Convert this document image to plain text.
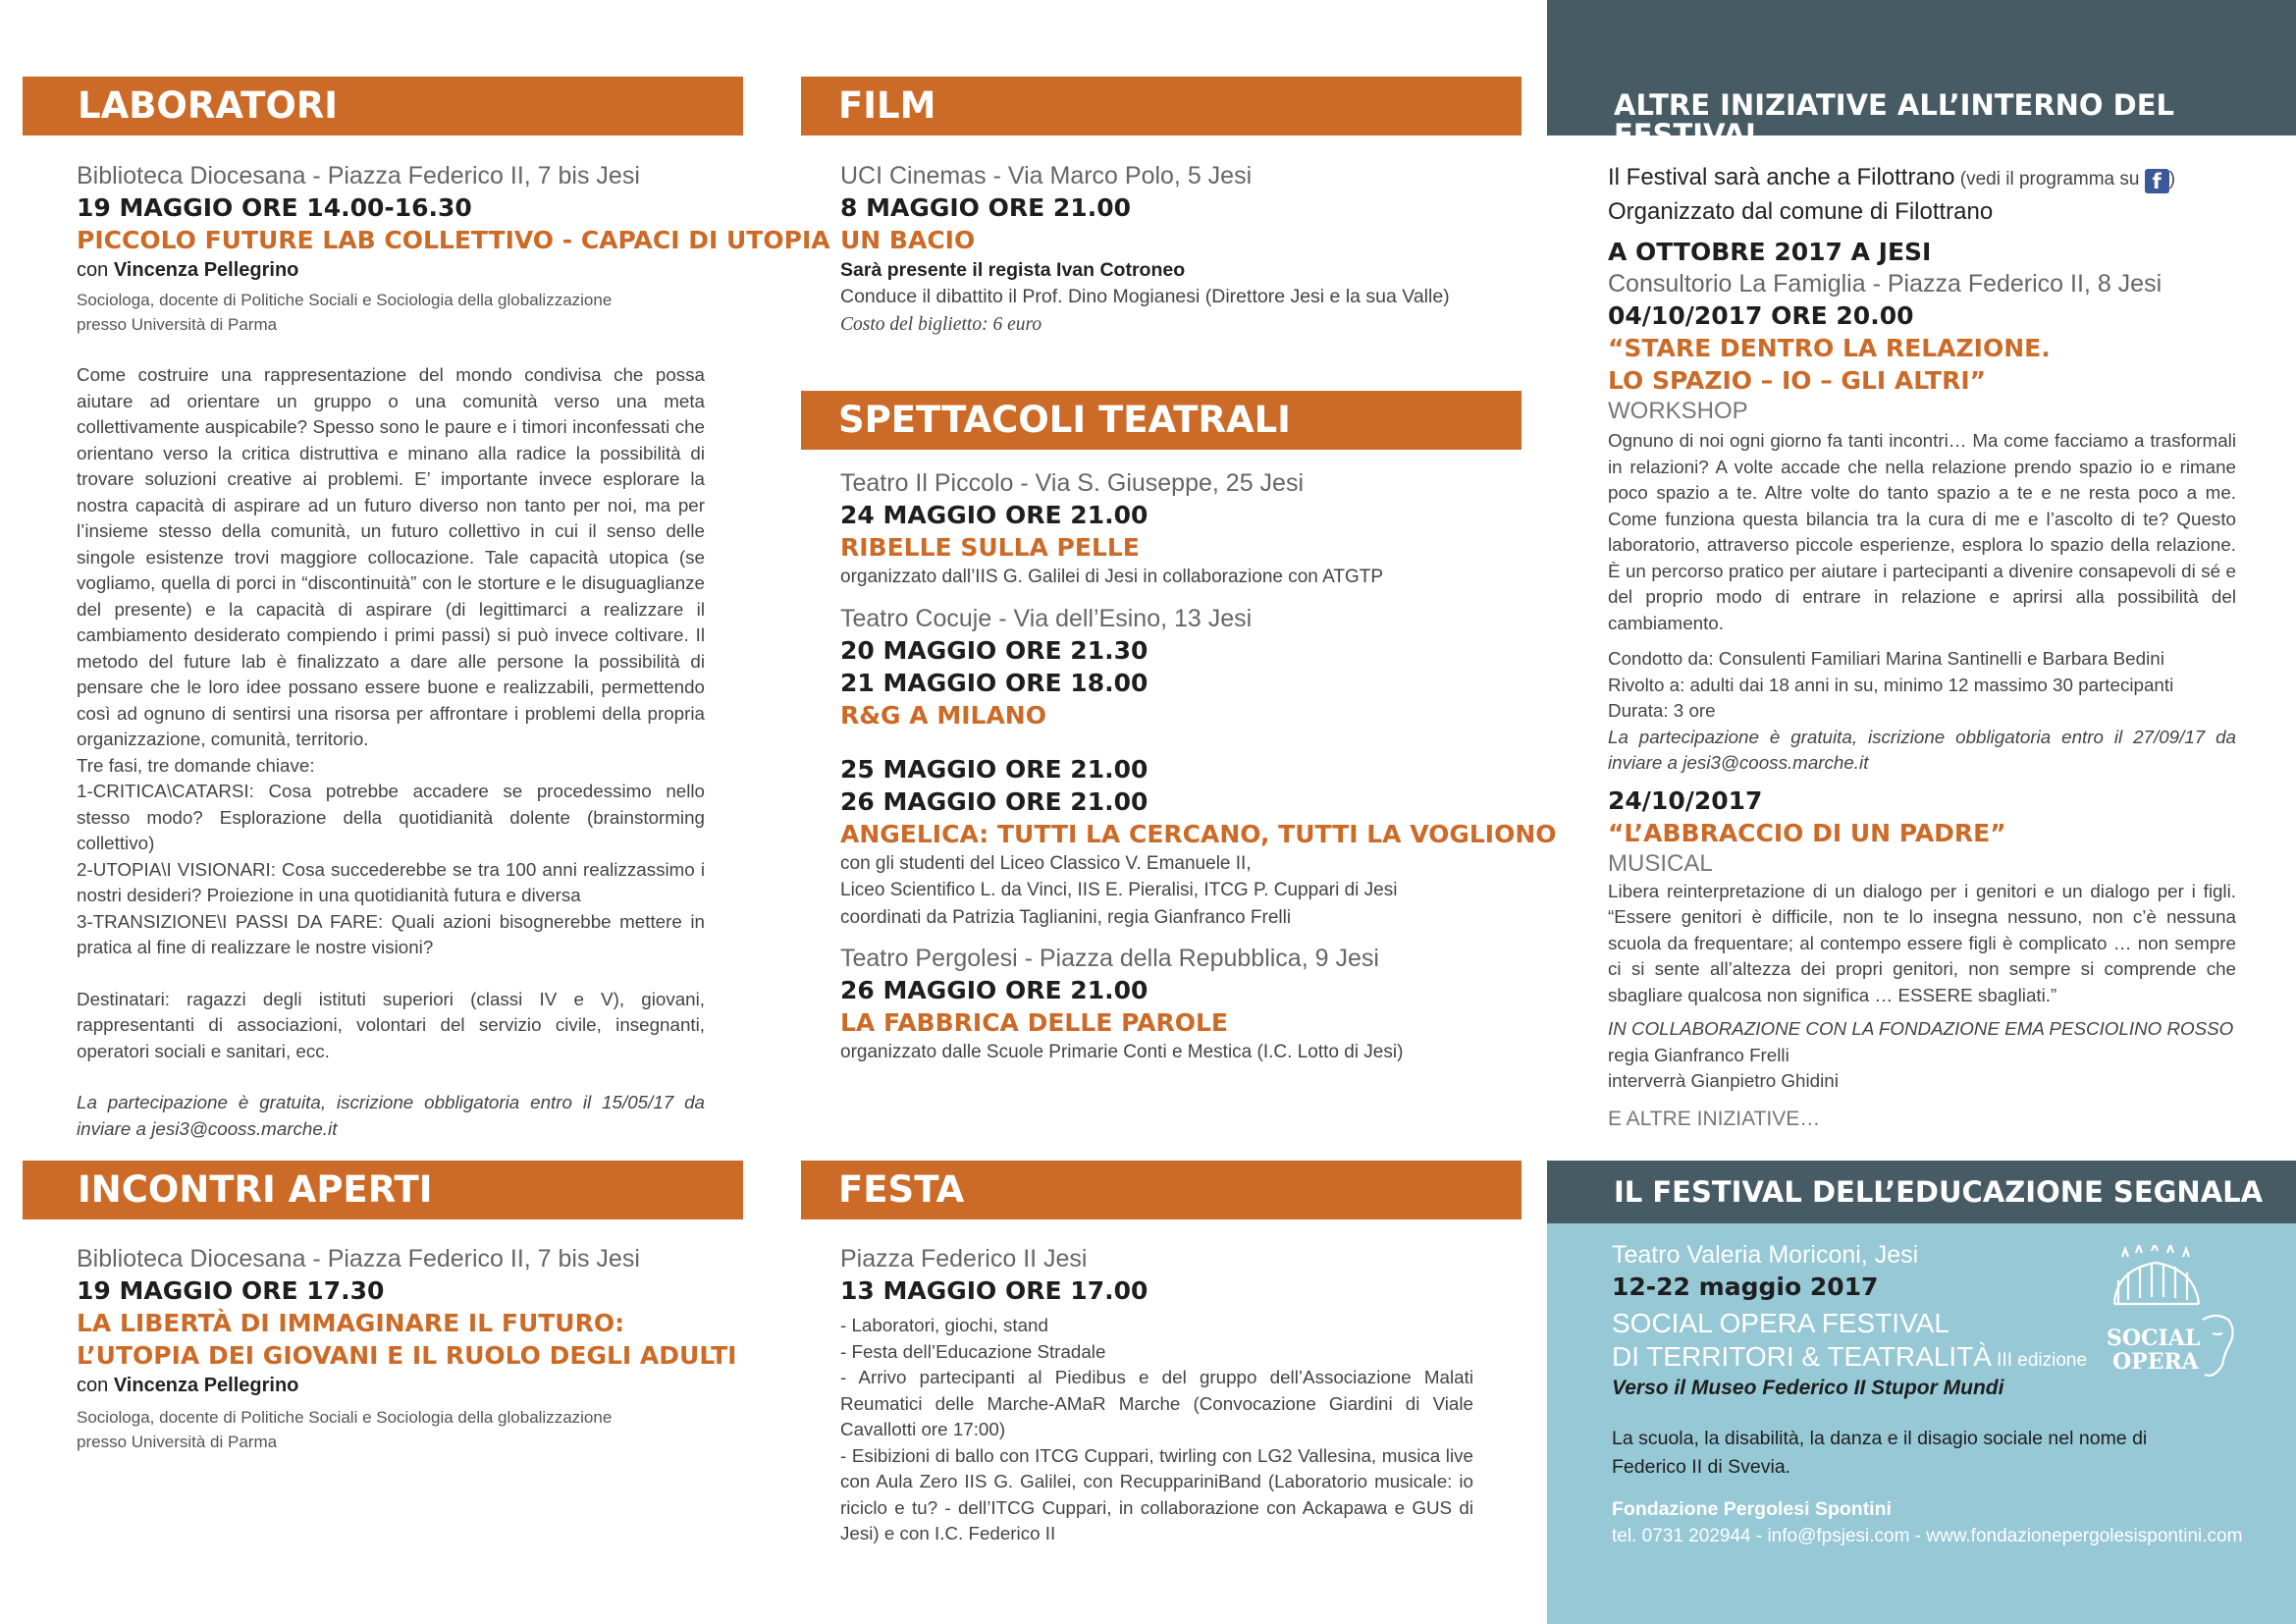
LABORATORI
Biblioteca Diocesana - Piazza Federico II, 7 bis Jesi
19 MAGGIO ORE 14.00-16.30
PICCOLO FUTURE LAB COLLETTIVO - CAPACI DI UTOPIA
con Vincenza Pellegrino
Sociologa, docente di Politiche Sociali e Sociologia della globalizzazione
presso Università di Parma

Come costruire una rappresentazione del mondo condivisa che possa aiutare ad orientare un gruppo o una comunità verso una meta collettivamente auspicabile? Spesso sono le paure e i timori inconfessati che orientano verso la critica distruttiva e minano alla radice la possibilità di trovare soluzioni creative ai problemi. E’ importante invece esplorare la nostra capacità di aspirare ad un futuro diverso non tanto per noi, ma per l’insieme stesso della comunità, un futuro collettivo in cui il senso delle singole esistenze trovi maggiore collocazione. Tale capacità utopica (se vogliamo, quella di porci in “discontinuità” con le storture e le disuguaglianze del presente) e la capacità di aspirare (di legittimarci a realizzare il cambiamento desiderato compiendo i primi passi) si può invece coltivare. Il metodo del future lab è finalizzato a dare alle persone la possibilità di pensare che le loro idee possano essere buone e realizzabili, permettendo così ad ognuno di sentirsi una risorsa per affrontare i problemi della propria organizzazione, comunità, territorio.

Tre fasi, tre domande chiave:

1-CRITICA\CATARSI: Cosa potrebbe accadere se procedessimo nello stesso modo? Esplorazione della quotidianità dolente (brainstorming collettivo)

2-UTOPIA\I VISIONARI: Cosa succederebbe se tra 100 anni realizzassimo i nostri desideri? Proiezione in una quotidianità futura e diversa

3-TRANSIZIONE\I PASSI DA FARE: Quali azioni bisognerebbe mettere in pratica al fine di realizzare le nostre visioni?

Destinatari: ragazzi degli istituti superiori (classi IV e V), giovani, rappresentanti di associazioni, volontari del servizio civile, insegnanti, operatori sociali e sanitari, ecc.

La partecipazione è gratuita, iscrizione obbligatoria entro il 15/05/17 da inviare a jesi3@cooss.marche.it

INCONTRI APERTI
Biblioteca Diocesana - Piazza Federico II, 7 bis Jesi
19 MAGGIO ORE 17.30
LA LIBERTÀ DI IMMAGINARE IL FUTURO:
L’UTOPIA DEI GIOVANI E IL RUOLO DEGLI ADULTI
con Vincenza Pellegrino
Sociologa, docente di Politiche Sociali e Sociologia della globalizzazione
presso Università di Parma
FILM
UCI Cinemas - Via Marco Polo, 5 Jesi
8 MAGGIO ORE 21.00
UN BACIO
Sarà presente il regista Ivan Cotroneo
Conduce il dibattito il Prof. Dino Mogianesi (Direttore Jesi e la sua Valle)
Costo del biglietto: 6 euro
SPETTACOLI TEATRALI
Teatro Il Piccolo - Via S. Giuseppe, 25 Jesi
24 MAGGIO ORE 21.00
RIBELLE SULLA PELLE
organizzato dall’IIS G. Galilei di Jesi in collaborazione con ATGTP
Teatro Cocuje - Via dell’Esino, 13 Jesi
20 MAGGIO ORE 21.30
21 MAGGIO ORE 18.00
R&G A MILANO
25 MAGGIO ORE 21.00
26 MAGGIO ORE 21.00
ANGELICA: TUTTI LA CERCANO, TUTTI LA VOGLIONO
con gli studenti del Liceo Classico V. Emanuele II,
Liceo Scientifico L. da Vinci, IIS E. Pieralisi, ITCG P. Cuppari di Jesi
coordinati da Patrizia Taglianini, regia Gianfranco Frelli
Teatro Pergolesi - Piazza della Repubblica, 9 Jesi
26 MAGGIO ORE 21.00
LA FABBRICA DELLE PAROLE
organizzato dalle Scuole Primarie Conti e Mestica (I.C. Lotto di Jesi)
FESTA
Piazza Federico II Jesi
13 MAGGIO ORE 17.00

- Laboratori, giochi, stand

- Festa dell’Educazione Stradale

- Arrivo partecipanti al Piedibus e del gruppo dell’Associazione Malati Reumatici delle Marche-AMaR Marche (Convocazione Giardini di Viale Cavallotti ore 17:00)

- Esibizioni di ballo con ITCG Cuppari, twirling con LG2 Vallesina, musica live con Aula Zero IIS G. Galilei, con RecuppariniBand (Laboratorio musicale: io riciclo e tu? - dell’ITCG Cuppari, in collaborazione con Ackapawa e GUS di Jesi) e con I.C. Federico II

ALTRE INIZIATIVE ALL’INTERNO DEL FESTIVAL
Il Festival sarà anche a Filottrano (vedi il programma su f )
Organizzato dal comune di Filottrano
A OTTOBRE 2017 A JESI
Consultorio La Famiglia - Piazza Federico II, 8 Jesi
04/10/2017 ORE 20.00
“STARE DENTRO LA RELAZIONE.
LO SPAZIO – IO – GLI ALTRI”
WORKSHOP

Ognuno di noi ogni giorno fa tanti incontri… Ma come facciamo a trasformali in relazioni? A volte accade che nella relazione prendo spazio io e rimane poco spazio a te. Altre volte do tanto spazio a te e ne resta poco a me. Come funziona questa bilancia tra la cura di me e l’ascolto di te? Questo laboratorio, attraverso piccole esperienze, esplora lo spazio della relazione. È un percorso pratico per aiutare i partecipanti a divenire consapevoli di sé e del proprio modo di entrare in relazione e aprirsi alla possibilità del cambiamento.

Condotto da: Consulenti Familiari Marina Santinelli e Barbara Bedini

Rivolto a: adulti dai 18 anni in su, minimo 12 massimo 30 partecipanti

Durata: 3 ore

La partecipazione è gratuita, iscrizione obbligatoria entro il 27/09/17 da inviare a jesi3@cooss.marche.it

24/10/2017
“L’ABBRACCIO DI UN PADRE”
MUSICAL

Libera reinterpretazione di un dialogo per i genitori e un dialogo per i figli. “Essere genitori è difficile, non te lo insegna nessuno, non c’è nessuna scuola da frequentare; al contempo essere figli è complicato … non sempre ci si sente all’altezza dei propri genitori, non sempre si comprende che sbagliare qualcosa non significa … ESSERE sbagliati.”

IN COLLABORAZIONE CON LA FONDAZIONE EMA PESCIOLINO ROSSO

regia Gianfranco Frelli

interverrà Gianpietro Ghidini

E ALTRE INIZIATIVE…
IL FESTIVAL DELL’EDUCAZIONE SEGNALA
Teatro Valeria Moriconi, Jesi
12-22 maggio 2017
SOCIAL OPERA FESTIVAL
DI TERRITORI & TEATRALITÀ III edizione
Verso il Museo Federico II Stupor Mundi
La scuola, la disabilità, la danza e il disagio sociale nel nome di Federico II di Svevia.
Fondazione Pergolesi Spontini
tel. 0731 202944 - info@fpsjesi.com - www.fondazionepergolesispontini.com
SOCIAL
OPERA
